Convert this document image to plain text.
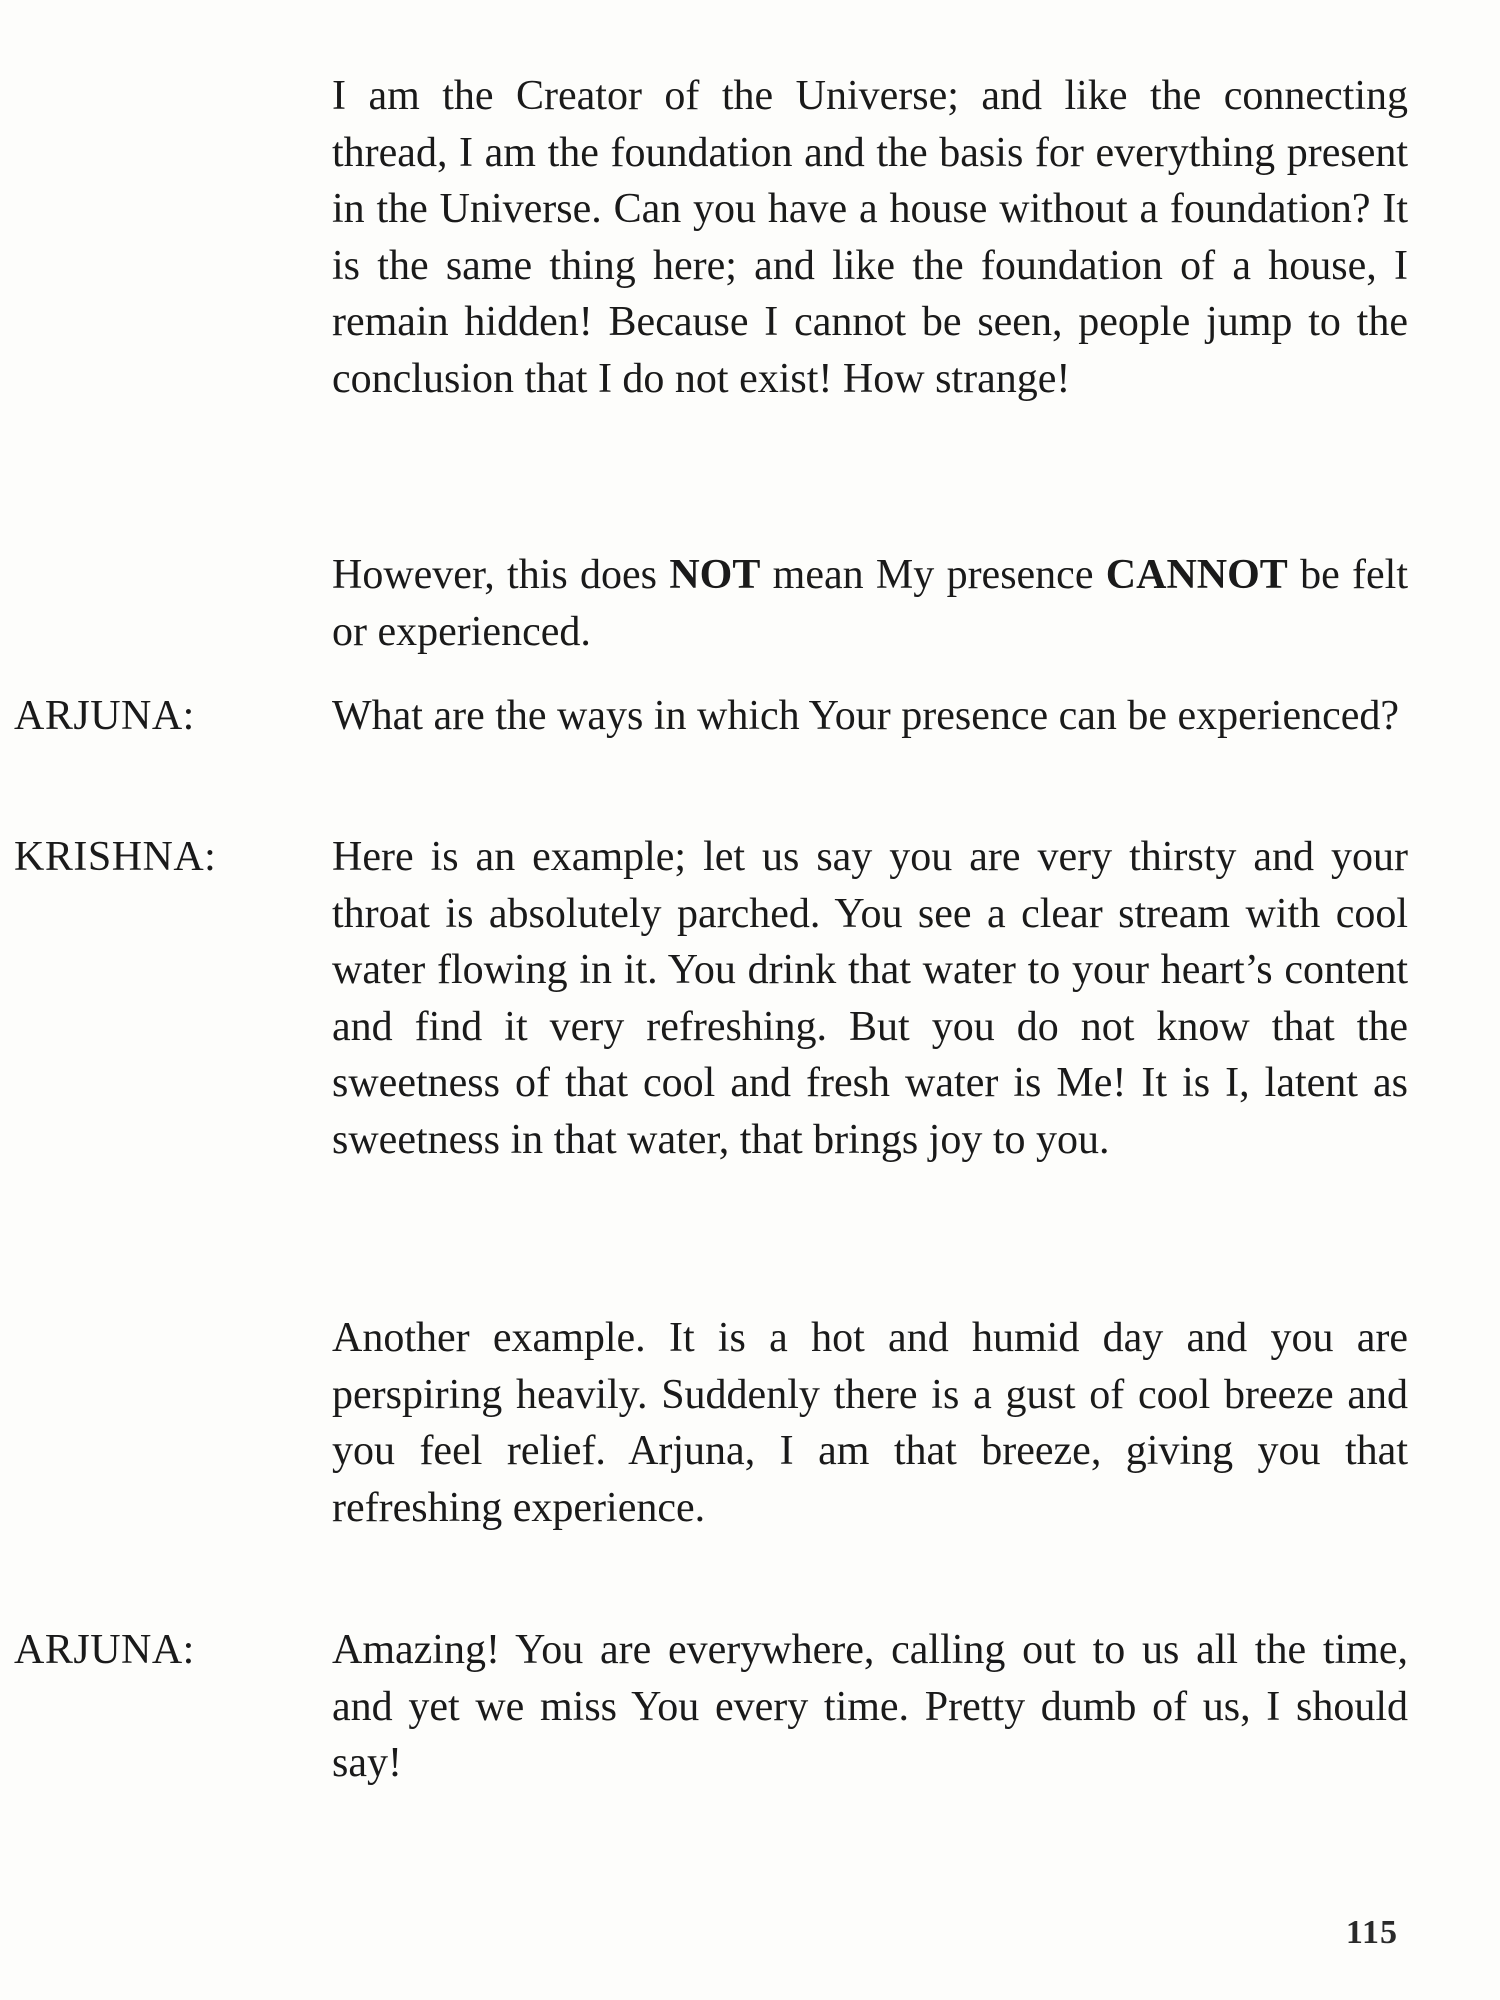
I am the Creator of the Universe; and like the connecting thread, I am the foundation and the basis for everything present in the Universe. Can you have a house without a foundation? It is the same thing here; and like the foundation of a house, I remain hidden! Because I cannot be seen, people jump to the conclusion that I do not exist! How strange!
However, this does NOT mean My presence CANNOT be felt or experienced.
ARJUNA:	What are the ways in which Your presence can be experienced?
KRISHNA:	Here is an example; let us say you are very thirsty and your throat is absolutely parched. You see a clear stream with cool water flowing in it. You drink that water to your heart’s content and find it very refreshing. But you do not know that the sweetness of that cool and fresh water is Me! It is I, latent as sweetness in that water, that brings joy to you.
Another example. It is a hot and humid day and you are perspiring heavily. Suddenly there is a gust of cool breeze and you feel relief. Arjuna, I am that breeze, giving you that refreshing experience.
ARJUNA:	Amazing! You are everywhere, calling out to us all the time, and yet we miss You every time. Pretty dumb of us, I should say!
115
